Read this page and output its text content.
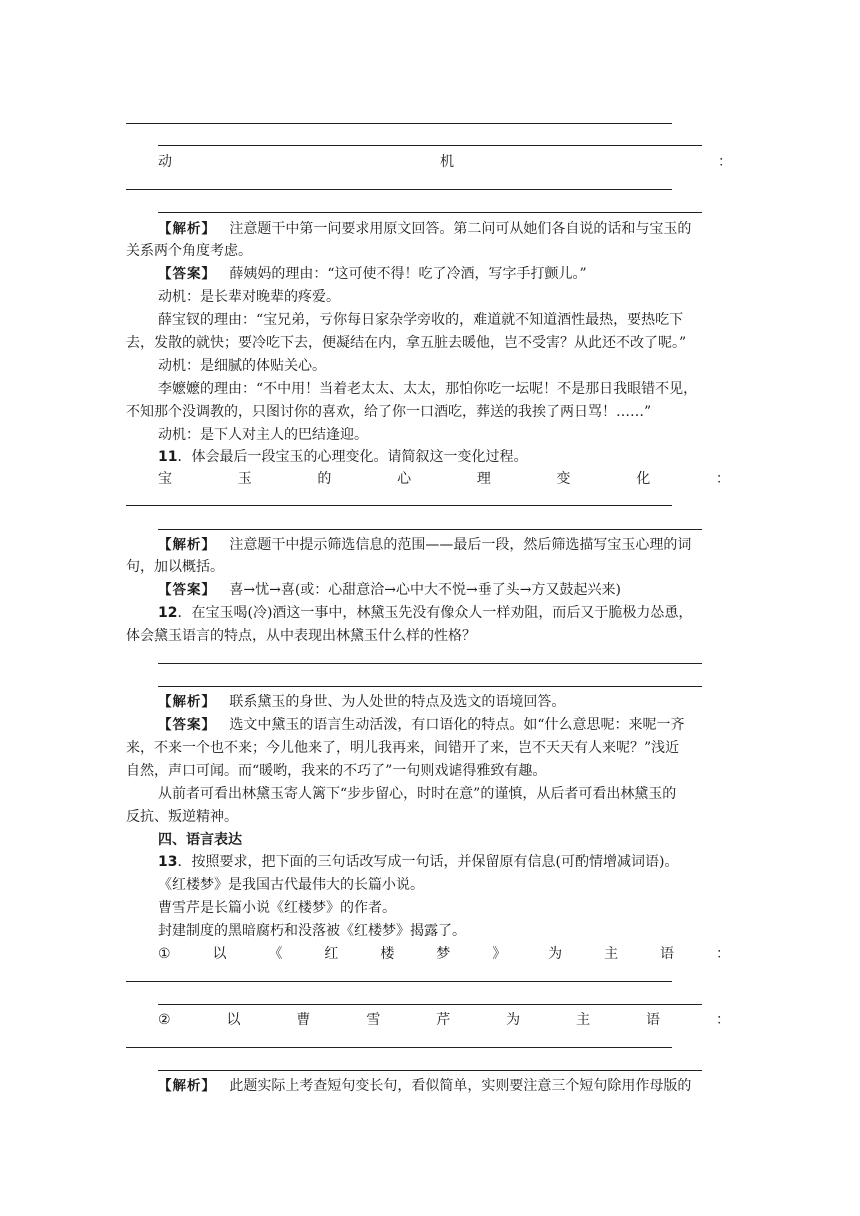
动	机	：
【解析】 注意题干中第一问要求用原文回答。第二问可从她们各自说的话和与宝玉的
关系两个角度考虑。
【答案】 薛姨妈的理由：“这可使不得！吃了冷酒，写字手打颤儿。”
动机：是长辈对晚辈的疼爱。
薛宝钗的理由：“宝兄弟，亏你每日家杂学旁收的，难道就不知道酒性最热，要热吃下
去，发散的就快；要冷吃下去，便凝结在内，拿五脏去暖他，岂不受害？从此还不改了呢。”
动机：是细腻的体贴关心。
李嬷嬷的理由：“不中用！当着老太太、太太，那怕你吃一坛呢！不是那日我眼错不见，
不知那个没调教的，只图讨你的喜欢，给了你一口酒吃，葬送的我挨了两日骂！……”
动机：是下人对主人的巴结逢迎。
11．体会最后一段宝玉的心理变化。请简叙这一变化过程。
宝	玉	的	心	理	变	化	：
【解析】 注意题干中提示筛选信息的范围——最后一段，然后筛选描写宝玉心理的词
句，加以概括。
【答案】 喜→忧→喜(或：心甜意洽→心中大不悦→垂了头→方又鼓起兴来)
12．在宝玉喝(冷)酒这一事中，林黛玉先没有像众人一样劝阻，而后又于脆极力怂恿，
体会黛玉语言的特点，从中表现出林黛玉什么样的性格？
【解析】 联系黛玉的身世、为人处世的特点及选文的语境回答。
【答案】 选文中黛玉的语言生动活泼，有口语化的特点。如“什么意思呢：来呢一齐
来，不来一个也不来；今儿他来了，明儿我再来，间错开了来，岂不天天有人来呢？”浅近
自然，声口可闻。而“暖哟，我来的不巧了”一句则戏谑得雅致有趣。
从前者可看出林黛玉寄人篱下“步步留心，时时在意”的谨慎，从后者可看出林黛玉的
反抗、叛逆精神。
四、语言表达
13．按照要求，把下面的三句话改写成一句话，并保留原有信息(可酌情增减词语)。
《红楼梦》是我国古代最伟大的长篇小说。
曹雪芹是长篇小说《红楼梦》的作者。
封建制度的黑暗腐朽和没落被《红楼梦》揭露了。
①	以	《	红	楼	梦	》	为	主	语	：
②	以	曹	雪	芹	为	主	语	：
【解析】 此题实际上考查短句变长句，看似简单，实则要注意三个短句除用作母版的
